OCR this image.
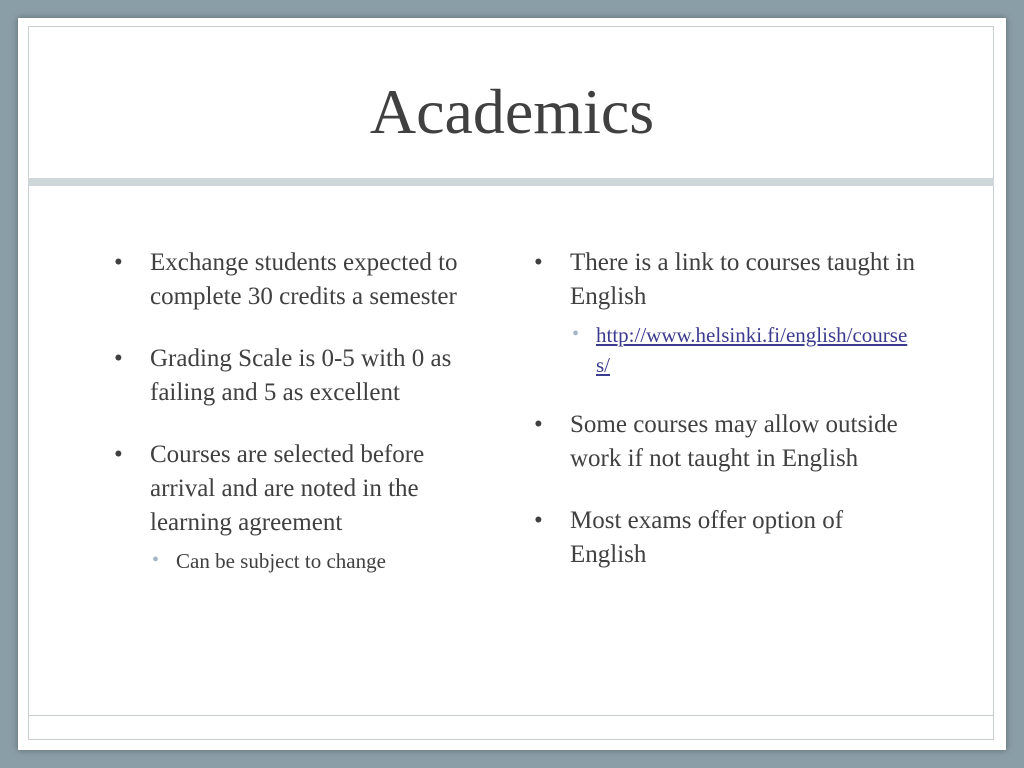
Academics
• Exchange students expected to complete 30 credits a semester
• Grading Scale is 0-5 with 0 as failing and 5 as excellent
• Courses are selected before arrival and are noted in the learning agreement
• Can be subject to change
• There is a link to courses taught in English
• http://www.helsinki.fi/english/courses/
• Some courses may allow outside work if not taught in English
• Most exams offer option of English
